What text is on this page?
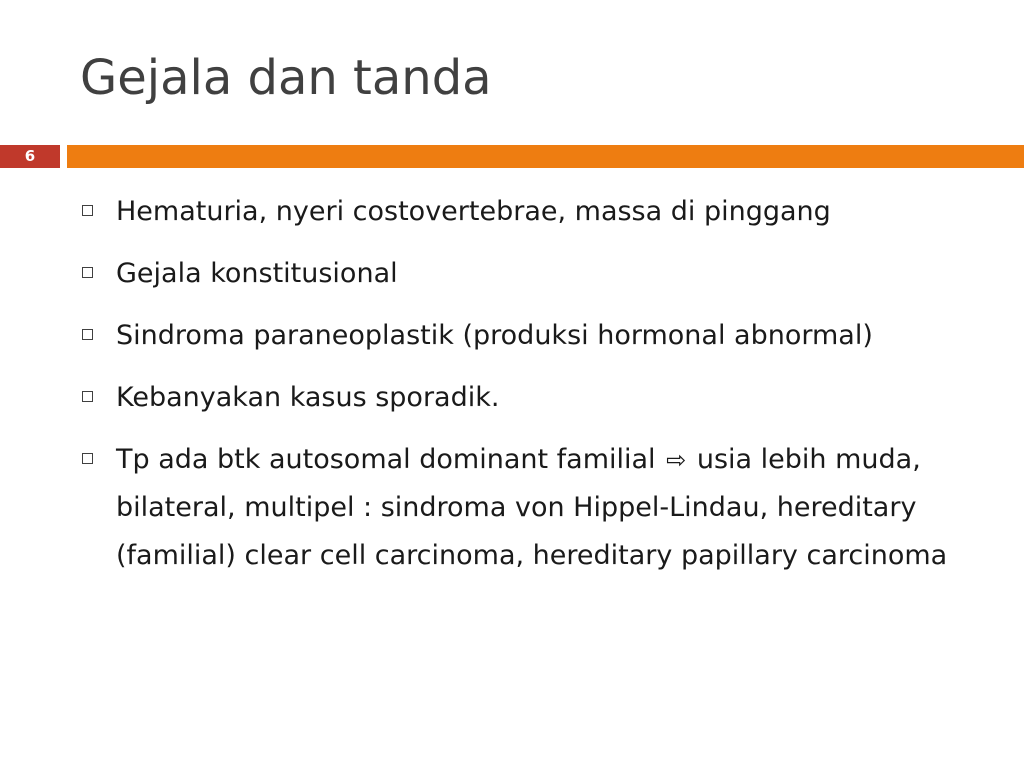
Gejala dan tanda
6
Hematuria, nyeri costovertebrae, massa di pinggang
Gejala konstitusional
Sindroma paraneoplastik (produksi hormonal abnormal)
Kebanyakan kasus sporadik.
Tp ada btk autosomal dominant familial ⇨ usia lebih muda, bilateral, multipel : sindroma von Hippel-Lindau, hereditary (familial) clear cell carcinoma, hereditary papillary carcinoma
